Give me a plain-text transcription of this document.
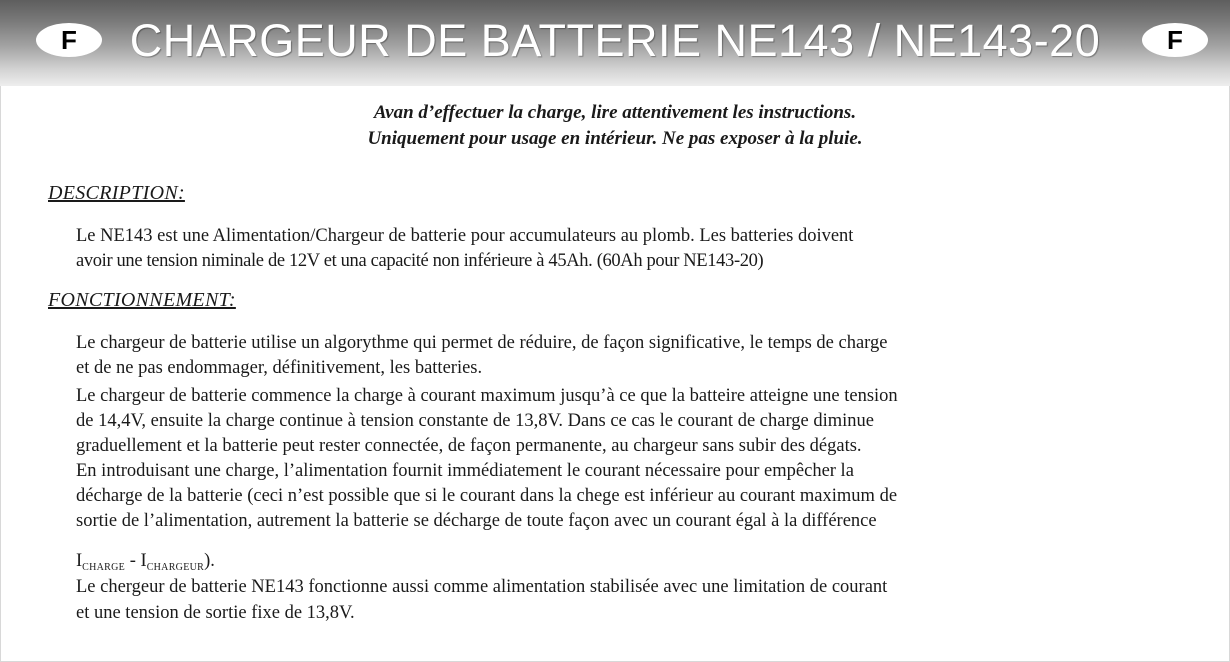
F	CHARGEUR DE BATTERIE NE143 / NE143-20	F
Avan d’effectuer la charge, lire attentivement les instructions.
Uniquement pour usage en intérieur. Ne pas exposer à la pluie.
DESCRIPTION:
Le NE143 est une Alimentation/Chargeur de batterie pour accumulateurs au plomb. Les batteries doivent
avoir une tension niminale de 12V et una capacité non inférieure à 45Ah. (60Ah pour NE143-20)
FONCTIONNEMENT:
Le chargeur de batterie utilise un algorythme qui permet de réduire, de façon significative, le temps de charge
et de ne pas endommager, définitivement, les batteries.
Le chargeur de batterie commence la charge à courant maximum jusqu’à ce que la batteire atteigne une tension
de 14,4V, ensuite la charge continue à tension constante de 13,8V. Dans ce cas le courant de charge diminue
graduellement et la batterie peut rester connectée, de façon permanente, au chargeur sans subir des dégats.
En introduisant une charge, l’alimentation fournit immédiatement le courant nécessaire pour empêcher la
décharge de la batterie (ceci n’est possible que si le courant dans la chege est inférieur au courant maximum de
sortie de l’alimentation, autrement la batterie se décharge de toute façon avec un courant égal à la différence
$I_{CHARGE} - I_{CHARGEUR}$).
Le chergeur de batterie NE143 fonctionne aussi comme alimentation stabilisée avec une limitation de courant
et une tension de sortie fixe de 13,8V.
